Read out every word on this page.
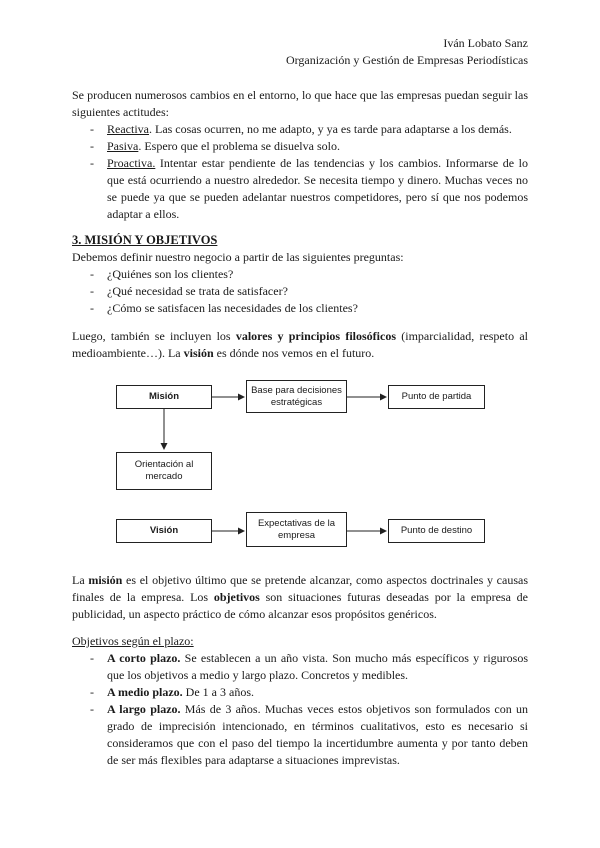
Iván Lobato Sanz
Organización y Gestión de Empresas Periodísticas

Se producen numerosos cambios en el entorno, lo que hace que las empresas puedan seguir las siguientes actitudes:

- Reactiva. Las cosas ocurren, no me adapto, y ya es tarde para adaptarse a los demás.
- Pasiva. Espero que el problema se disuelva solo.
- Proactiva. Intentar estar pendiente de las tendencias y los cambios. Informarse de lo que está ocurriendo a nuestro alrededor. Se necesita tiempo y dinero. Muchas veces no se puede ya que se pueden adelantar nuestros competidores, pero sí que nos podemos adaptar a ellos.

3. MISIÓN Y OBJETIVOS

Debemos definir nuestro negocio a partir de las siguientes preguntas:

- ¿Quiénes son los clientes?
- ¿Qué necesidad se trata de satisfacer?
- ¿Cómo se satisfacen las necesidades de los clientes?

Luego, también se incluyen los valores y principios filosóficos (imparcialidad, respeto al medioambiente…). La visión es dónde nos vemos en el futuro.

Misión
Base para decisiones estratégicas	Punto de partida
Orientación al mercado
Visión
Expectativas de la empresa	Punto de destino

La misión es el objetivo último que se pretende alcanzar, como aspectos doctrinales y causas finales de la empresa. Los objetivos son situaciones futuras deseadas por la empresa de publicidad, un aspecto práctico de cómo alcanzar esos propósitos genéricos.

Objetivos según el plazo:

- A corto plazo. Se establecen a un año vista. Son mucho más específicos y rigurosos que los objetivos a medio y largo plazo. Concretos y medibles.
- A medio plazo. De 1 a 3 años.
- A largo plazo. Más de 3 años. Muchas veces estos objetivos son formulados con un grado de imprecisión intencionado, en términos cualitativos, esto es necesario si consideramos que con el paso del tiempo la incertidumbre aumenta y por tanto deben de ser más flexibles para adaptarse a situaciones imprevistas.
